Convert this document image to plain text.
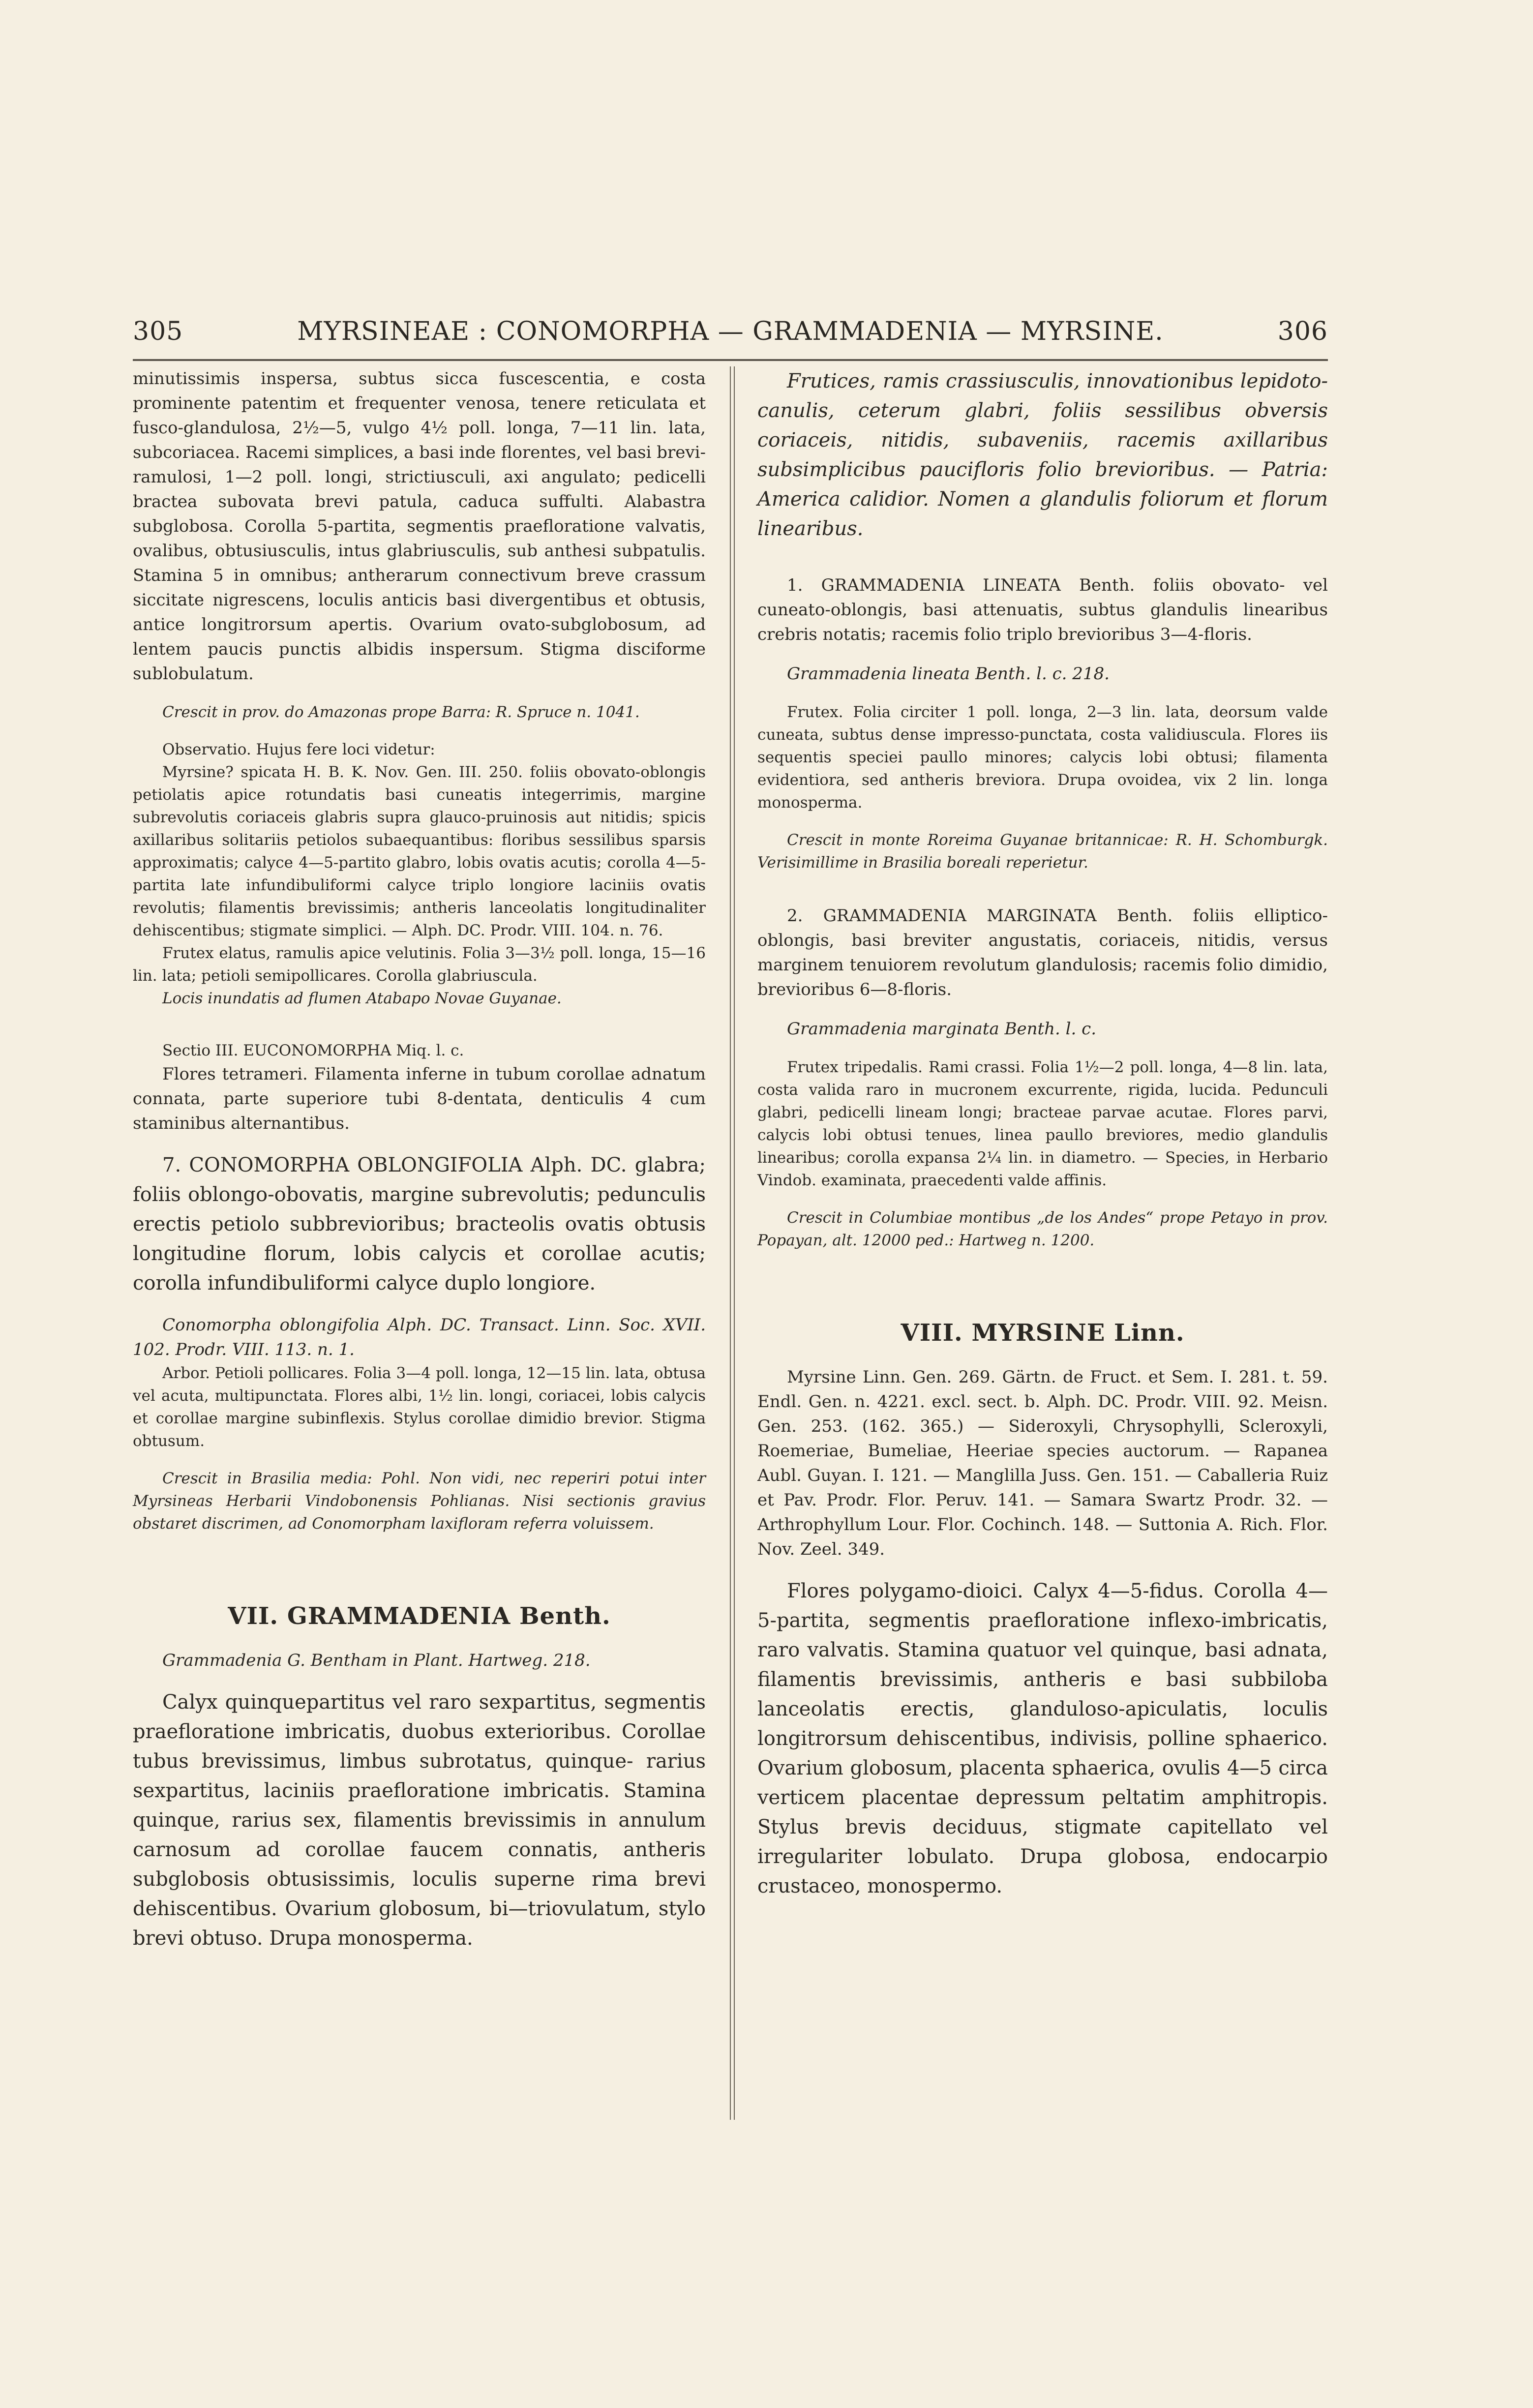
305	MYRSINEAE : CONOMORPHA — GRAMMADENIA — MYRSINE.	306

minutissimis inspersa, subtus sicca fuscescentia, e costa prominente patentim et frequenter venosa, tenere reticulata et fusco-glandulosa, 2½—5, vulgo 4½ poll. longa, 7—11 lin. lata, subcoriacea. Racemi simplices, a basi inde florentes, vel basi brevi-ramulosi, 1—2 poll. longi, strictiusculi, axi angulato; pedicelli bractea subovata brevi patula, caduca suffulti. Alabastra subglobosa. Corolla 5-partita, segmentis praefloratione valvatis, ovalibus, obtusiusculis, intus glabriusculis, sub anthesi subpatulis. Stamina 5 in omnibus; antherarum connectivum breve crassum siccitate nigrescens, loculis anticis basi divergentibus et obtusis, antice longitrorsum apertis. Ovarium ovato-subglobosum, ad lentem paucis punctis albidis inspersum. Stigma disciforme sublobulatum.

Crescit in prov. do Amazonas prope Barra: R. Spruce n. 1041.

Observatio. Hujus fere loci videtur:

Myrsine? spicata H. B. K. Nov. Gen. III. 250. foliis obovato-oblongis petiolatis apice rotundatis basi cuneatis integerrimis, margine subrevolutis coriaceis glabris supra glauco-pruinosis aut nitidis; spicis axillaribus solitariis petiolos subaequantibus: floribus sessilibus sparsis approximatis; calyce 4—5-partito glabro, lobis ovatis acutis; corolla 4—5-partita late infundibuliformi calyce triplo longiore laciniis ovatis revolutis; filamentis brevissimis; antheris lanceolatis longitudinaliter dehiscentibus; stigmate simplici. — Alph. DC. Prodr. VIII. 104. n. 76.

Frutex elatus, ramulis apice velutinis. Folia 3—3½ poll. longa, 15—16 lin. lata; petioli semipollicares. Corolla glabriuscula.

Locis inundatis ad flumen Atabapo Novae Guyanae.

Sectio III. EUCONOMORPHA Miq. l. c.

Flores tetrameri. Filamenta inferne in tubum corollae adnatum connata, parte superiore tubi 8-dentata, denticulis 4 cum staminibus alternantibus.

7. CONOMORPHA OBLONGIFOLIA Alph. DC. glabra; foliis oblongo-obovatis, margine subrevolutis; pedunculis erectis petiolo subbrevioribus; bracteolis ovatis obtusis longitudine florum, lobis calycis et corollae acutis; corolla infundibuliformi calyce duplo longiore.

Conomorpha oblongifolia Alph. DC. Transact. Linn. Soc. XVII. 102. Prodr. VIII. 113. n. 1.

Arbor. Petioli pollicares. Folia 3—4 poll. longa, 12—15 lin. lata, obtusa vel acuta, multipunctata. Flores albi, 1½ lin. longi, coriacei, lobis calycis et corollae margine subinflexis. Stylus corollae dimidio brevior. Stigma obtusum.

Crescit in Brasilia media: Pohl. Non vidi, nec reperiri potui inter Myrsineas Herbarii Vindobonensis Pohlianas. Nisi sectionis gravius obstaret discrimen, ad Conomorpham laxifloram referra voluissem.

VII. GRAMMADENIA Benth.

Grammadenia G. Bentham in Plant. Hartweg. 218.

Calyx quinquepartitus vel raro sexpartitus, segmentis praefloratione imbricatis, duobus exterioribus. Corollae tubus brevissimus, limbus subrotatus, quinque- rarius sexpartitus, laciniis praefloratione imbricatis. Stamina quinque, rarius sex, filamentis brevissimis in annulum carnosum ad corollae faucem connatis, antheris subglobosis obtusissimis, loculis superne rima brevi dehiscentibus. Ovarium globosum, bi—triovulatum, stylo brevi obtuso. Drupa monosperma.

Frutices, ramis crassiusculis, innovationibus lepidoto-canulis, ceterum glabri, foliis sessilibus obversis coriaceis, nitidis, subaveniis, racemis axillaribus subsimplicibus paucifloris folio brevioribus. — Patria: America calidior. Nomen a glandulis foliorum et florum linearibus.

1. GRAMMADENIA LINEATA Benth. foliis obovato- vel cuneato-oblongis, basi attenuatis, subtus glandulis linearibus crebris notatis; racemis folio triplo brevioribus 3—4-floris.

Grammadenia lineata Benth. l. c. 218.

Frutex. Folia circiter 1 poll. longa, 2—3 lin. lata, deorsum valde cuneata, subtus dense impresso-punctata, costa validiuscula. Flores iis sequentis speciei paullo minores; calycis lobi obtusi; filamenta evidentiora, sed antheris breviora. Drupa ovoidea, vix 2 lin. longa monosperma.

Crescit in monte Roreima Guyanae britannicae: R. H. Schomburgk. Verisimillime in Brasilia boreali reperietur.

2. GRAMMADENIA MARGINATA Benth. foliis elliptico-oblongis, basi breviter angustatis, coriaceis, nitidis, versus marginem tenuiorem revolutum glandulosis; racemis folio dimidio, brevioribus 6—8-floris.

Grammadenia marginata Benth. l. c.

Frutex tripedalis. Rami crassi. Folia 1½—2 poll. longa, 4—8 lin. lata, costa valida raro in mucronem excurrente, rigida, lucida. Pedunculi glabri, pedicelli lineam longi; bracteae parvae acutae. Flores parvi, calycis lobi obtusi tenues, linea paullo breviores, medio glandulis linearibus; corolla expansa 2¼ lin. in diametro. — Species, in Herbario Vindob. examinata, praecedenti valde affinis.

Crescit in Columbiae montibus „de los Andes“ prope Petayo in prov. Popayan, alt. 12000 ped.: Hartweg n. 1200.

VIII. MYRSINE Linn.

Myrsine Linn. Gen. 269. Gärtn. de Fruct. et Sem. I. 281. t. 59. Endl. Gen. n. 4221. excl. sect. b. Alph. DC. Prodr. VIII. 92. Meisn. Gen. 253. (162. 365.) — Sideroxyli, Chrysophylli, Scleroxyli, Roemeriae, Bumeliae, Heeriae species auctorum. — Rapanea Aubl. Guyan. I. 121. — Manglilla Juss. Gen. 151. — Caballeria Ruiz et Pav. Prodr. Flor. Peruv. 141. — Samara Swartz Prodr. 32. — Arthrophyllum Lour. Flor. Cochinch. 148. — Suttonia A. Rich. Flor. Nov. Zeel. 349.

Flores polygamo-dioici. Calyx 4—5-fidus. Corolla 4—5-partita, segmentis praefloratione inflexo-imbricatis, raro valvatis. Stamina quatuor vel quinque, basi adnata, filamentis brevissimis, antheris e basi subbiloba lanceolatis erectis, glanduloso-apiculatis, loculis longitrorsum dehiscentibus, indivisis, polline sphaerico. Ovarium globosum, placenta sphaerica, ovulis 4—5 circa verticem placentae depressum peltatim amphitropis. Stylus brevis deciduus, stigmate capitellato vel irregulariter lobulato. Drupa globosa, endocarpio crustaceo, monospermo.
